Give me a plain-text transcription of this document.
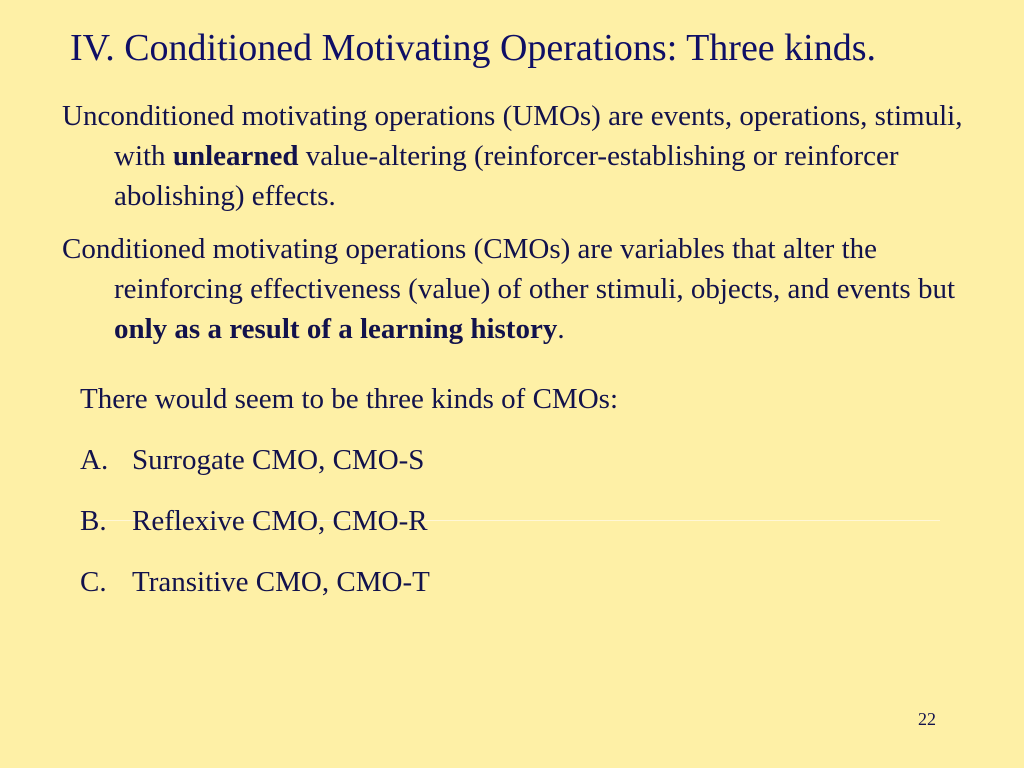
IV. Conditioned Motivating Operations: Three kinds.
Unconditioned motivating operations (UMOs) are events, operations, stimuli, with unlearned value-altering (reinforcer-establishing or reinforcer abolishing) effects.
Conditioned motivating operations (CMOs) are variables that alter the reinforcing effectiveness (value) of other stimuli, objects, and events but only as a result of a learning history.
There would seem to be three kinds of CMOs:
A. Surrogate CMO, CMO-S
B. Reflexive CMO, CMO-R
C. Transitive CMO, CMO-T
22
